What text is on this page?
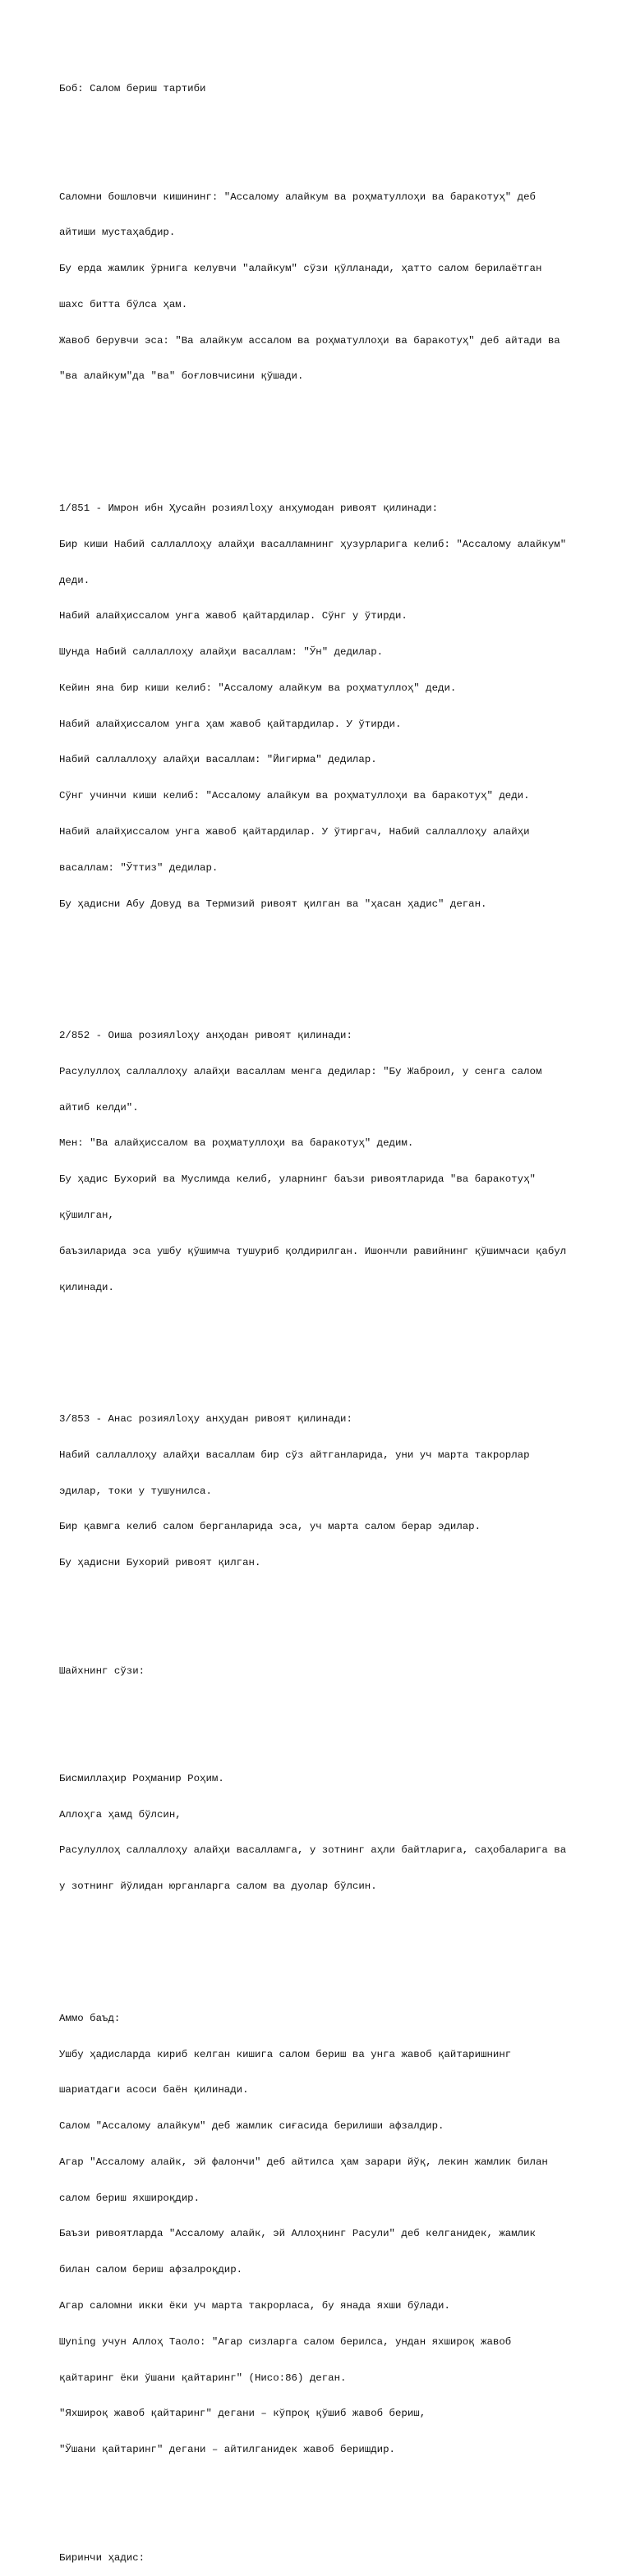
Боб: Салом бериш тартиби

Саломни бошловчи кишининг: "Ассалому алайкум ва роҳматуллоҳи ва баракотуҳ" деб

айтиши мустаҳабдир.

Бу ерда жамлик ўрнига келувчи "алайкум" сўзи қўлланади, ҳатто салом берилаётган

шахс битта бўлса ҳам.

Жавоб берувчи эса: "Ва алайкум ассалом ва роҳматуллоҳи ва баракотуҳ" деб айтади ва

"ва алайкум"да "ва" боғловчисини қўшади.

1/851 - Имрон ибн Ҳусайн розиялloҳу анҳумодан ривоят қилинади:

Бир киши Набий саллаллоҳу алайҳи васалламнинг ҳузурларига келиб: "Ассалому алайкум"

деди.

Набий алайҳиссалом унга жавоб қайтардилар. Сўнг у ўтирди.

Шунда Набий саллаллоҳу алайҳи васаллам: "Ўн" дедилар.

Кейин яна бир киши келиб: "Ассалому алайкум ва роҳматуллоҳ" деди.

Набий алайҳиссалом унга ҳам жавоб қайтардилар. У ўтирди.

Набий саллаллоҳу алайҳи васаллам: "Йигирма" дедилар.

Сўнг учинчи киши келиб: "Ассалому алайкум ва роҳматуллоҳи ва баракотуҳ" деди.

Набий алайҳиссалом унга жавоб қайтардилар. У ўтиргач, Набий саллаллоҳу алайҳи

васаллам: "Ўттиз" дедилар.

Бу ҳадисни Абу Довуд ва Термизий ривоят қилган ва "ҳасан ҳадис" деган.

2/852 - Оиша розиялloҳу анҳодан ривоят қилинади:

Расулуллоҳ саллаллоҳу алайҳи васаллам менга дедилар: "Бу Жаброил, у сенга салом

айтиб келди".

Мен: "Ва алайҳиссалом ва роҳматуллоҳи ва баракотуҳ" дедим.

Бу ҳадис Бухорий ва Муслимда келиб, уларнинг баъзи ривоятларида "ва баракотуҳ"

қўшилган,

баъзиларида эса ушбу қўшимча тушуриб қолдирилган. Ишончли равийнинг қўшимчаси қабул

қилинади.

3/853 - Анас розиялloҳу анҳудан ривоят қилинади:

Набий саллаллоҳу алайҳи васаллам бир сўз айтганларида, уни уч марта такрорлар

эдилар, токи у тушунилса.

Бир қавмга келиб салом берганларида эса, уч марта салом берар эдилар.

Бу ҳадисни Бухорий ривоят қилган.

Шайхнинг сўзи:

Бисмиллаҳир Роҳманир Роҳим.

Аллоҳга ҳамд бўлсин,

Расулуллоҳ саллаллоҳу алайҳи васалламга, у зотнинг аҳли байтларига, саҳобаларига ва

у зотнинг йўлидан юрганларга салом ва дуолар бўлсин.

Аммо баъд:

Ушбу ҳадисларда кириб келган кишига салом бериш ва унга жавоб қайтаришнинг

шариатдаги асоси баён қилинади.

Салом "Ассалому алайкум" деб жамлик сиғасида берилиши афзалдир.

Агар "Ассалому алайк, эй фалончи" деб айтилса ҳам зарари йўқ, лекин жамлик билан

салом бериш яхшироқдир.

Баъзи ривоятларда "Ассалому алайк, эй Аллоҳнинг Расули" деб келганидек, жамлик

билан салом бериш афзалроқдир.

Агар саломни икки ёки уч марта такрорласа, бу янада яхши бўлади.

Шуning учун Аллоҳ Таоло: "Агар сизларга салом берилса, ундан яхшироқ жавоб

қайтаринг ёки ўшани қайтаринг" (Нисо:86) деган.

"Яхшироқ жавоб қайтаринг" дегани – кўпроқ қўшиб жавоб бериш,

"Ўшани қайтаринг" дегани – айтилганидек жавоб беришдир.

Биринчи ҳадис:
